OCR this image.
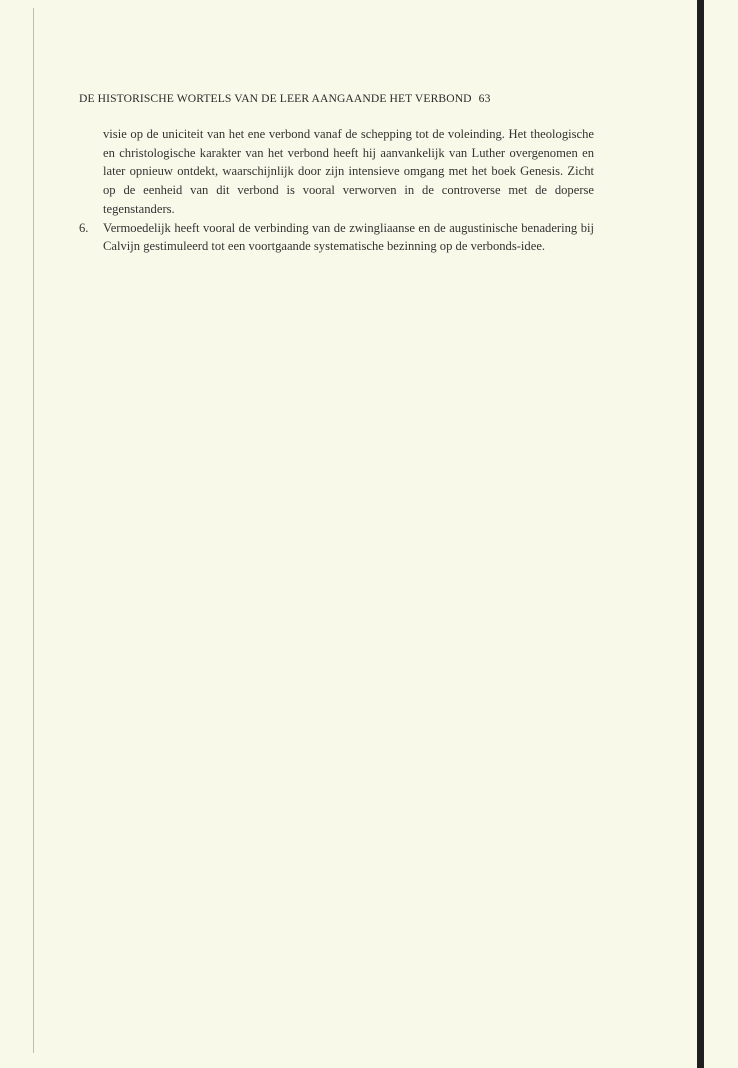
DE HISTORISCHE WORTELS VAN DE LEER AANGAANDE HET VERBOND 63

visie op de uniciteit van het ene verbond vanaf de schepping tot de voleinding. Het theologische en christologische karakter van het verbond heeft hij aanvankelijk van Luther overgenomen en later opnieuw ontdekt, waarschijnlijk door zijn intensieve omgang met het boek Genesis. Zicht op de eenheid van dit verbond is vooral verworven in de controverse met de doperse tegenstanders.

6. Vermoedelijk heeft vooral de verbinding van de zwingliaanse en de augustinische benadering bij Calvijn gestimuleerd tot een voortgaande systematische bezinning op de verbonds-idee.
